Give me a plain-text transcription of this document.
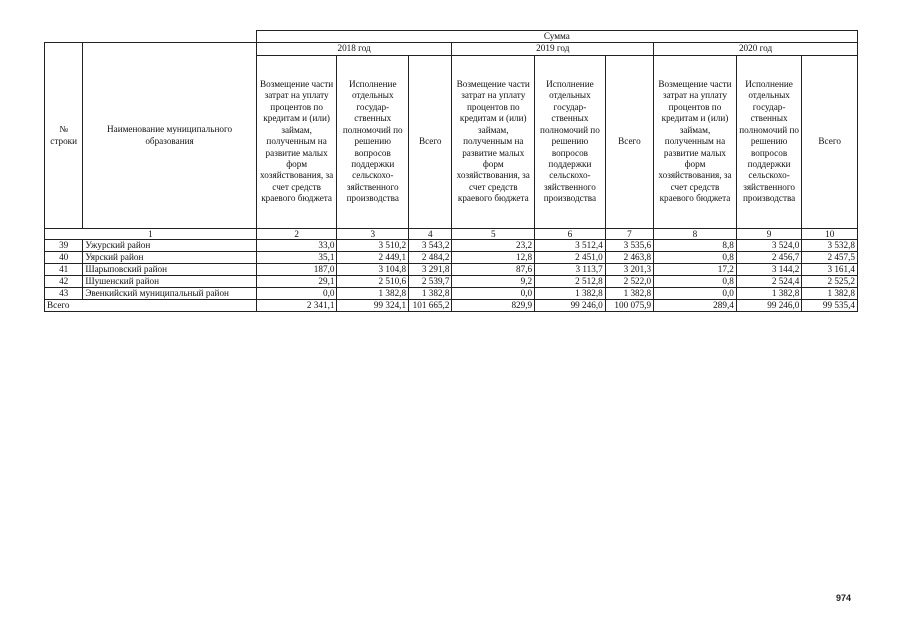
		Сумма								
№ строки	Наименование муниципального образования	2018 год			2019 год			2020 год		
		Возмещение части затрат на уплату процентов по кредитам и (или) займам, полученным на развитие малых форм хозяйствования, за счет средств краевого бюджета	Исполнение отдельных государ-ственных полномочий по решению вопросов поддержки сельскохо-зяйственного производства	Всего	Возмещение части затрат на уплату процентов по кредитам и (или) займам, полученным на развитие малых форм хозяйствования, за счет средств краевого бюджета	Исполнение отдельных государ-ственных полномочий по решению вопросов поддержки сельскохо-зяйственного производства	Всего	Возмещение части затрат на уплату процентов по кредитам и (или) займам, полученным на развитие малых форм хозяйствования, за счет средств краевого бюджета	Исполнение отдельных государ-ственных полномочий по решению вопросов поддержки сельскохо-зяйственного производства	Всего
1		2	3	4	5	6	7	8	9	10
39	Ужурский район	33,0	3 510,2	3 543,2	23,2	3 512,4	3 535,6	8,8	3 524,0	3 532,8
40	Уярский район	35,1	2 449,1	2 484,2	12,8	2 451,0	2 463,8	0,8	2 456,7	2 457,5
41	Шарыповский район	187,0	3 104,8	3 291,8	87,6	3 113,7	3 201,3	17,2	3 144,2	3 161,4
42	Шушенский район	29,1	2 510,6	2 539,7	9,2	2 512,8	2 522,0	0,8	2 524,4	2 525,2
43	Эвенкийский муниципальный район	0,0	1 382,8	1 382,8	0,0	1 382,8	1 382,8	0,0	1 382,8	1 382,8
Всего		2 341,1	99 324,1	101 665,2	829,9	99 246,0	100 075,9	289,4	99 246,0	99 535,4
974
